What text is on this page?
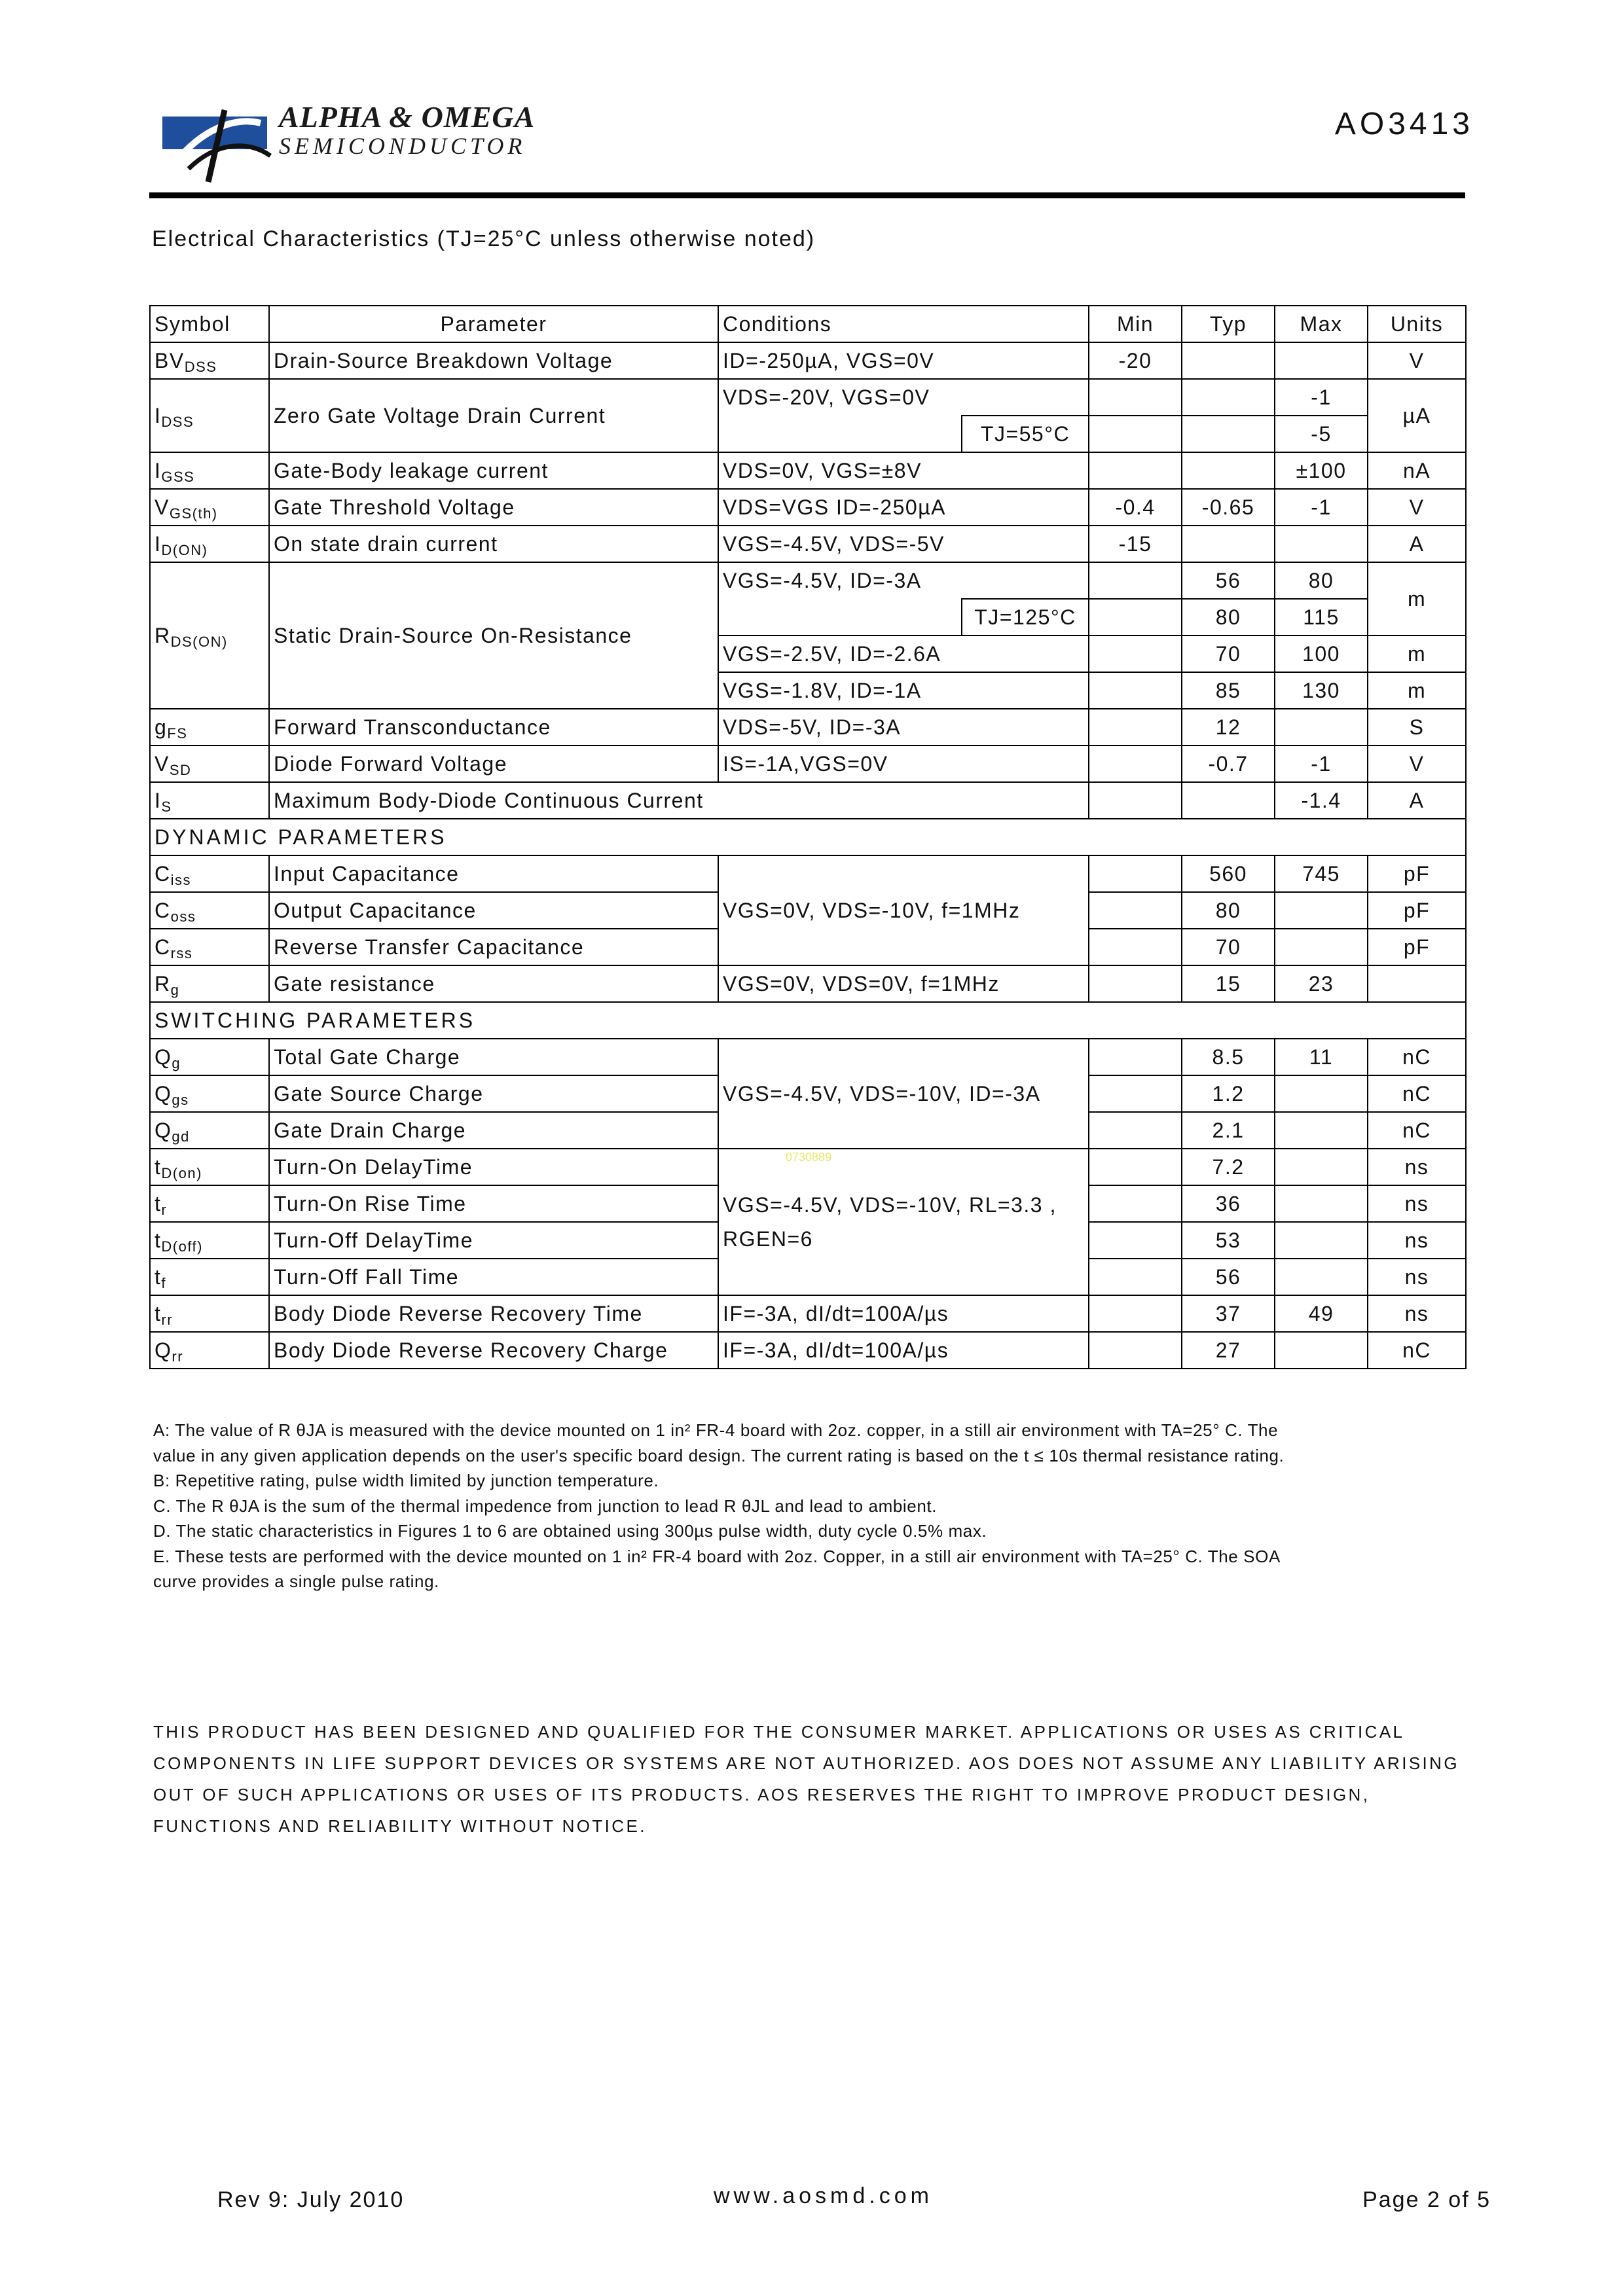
ALPHA & OMEGA
SEMICONDUCTOR
AO3413
Electrical Characteristics (TJ=25°C unless otherwise noted)
Symbol	Parameter	Conditions		Min	Typ	Max	Units
$BV_{DSS}$	Drain-Source Breakdown Voltage	ID=-250µA, VGS=0V		-20			V
$I_{DSS}$	Zero Gate Voltage Drain Current	VDS=-20V, VGS=0V				-1	µA
			TJ=55°C			-5	
$I_{GSS}$	Gate-Body leakage current	VDS=0V, VGS=±8V				±100	nA
$V_{GS(th)}$	Gate Threshold Voltage	VDS=VGS ID=-250µA		-0.4	-0.65	-1	V
$I_{D(ON)}$	On state drain current	VGS=-4.5V, VDS=-5V		-15			A
$R_{DS(ON)}$	Static Drain-Source On-Resistance	VGS=-4.5V, ID=-3A			56	80	m
			TJ=125°C		80	115	
		VGS=-2.5V, ID=-2.6A			70	100	m
		VGS=-1.8V, ID=-1A			85	130	m
$g_{FS}$	Forward Transconductance	VDS=-5V, ID=-3A			12		S
$V_{SD}$	Diode Forward Voltage	IS=-1A,VGS=0V			-0.7	-1	V
$I_S$	Maximum Body-Diode Continuous Current					-1.4	A
DYNAMIC PARAMETERS							
$C_{iss}$	Input Capacitance	VGS=0V, VDS=-10V, f=1MHz			560	745	pF
$C_{oss}$	Output Capacitance				80		pF
$C_{rss}$	Reverse Transfer Capacitance				70		pF
$R_g$	Gate resistance	VGS=0V, VDS=0V, f=1MHz			15	23	
SWITCHING PARAMETERS							
$Q_g$	Total Gate Charge	VGS=-4.5V, VDS=-10V, ID=-3A			8.5	11	nC
$Q_{gs}$	Gate Source Charge				1.2		nC
$Q_{gd}$	Gate Drain Charge				2.1		nC
$t_{D(on)}$	Turn-On DelayTime	VGS=-4.5V, VDS=-10V, RL=3.3 , RGEN=6			7.2		ns
$t_r$	Turn-On Rise Time				36		ns
$t_{D(off)}$	Turn-Off DelayTime				53		ns
$t_f$	Turn-Off Fall Time				56		ns
$t_{rr}$	Body Diode Reverse Recovery Time	IF=-3A, dI/dt=100A/µs			37	49	ns
$Q_{rr}$	Body Diode Reverse Recovery Charge	IF=-3A, dI/dt=100A/µs			27		nC
0730889

A: The value of R θJA is measured with the device mounted on 1 in² FR-4 board with 2oz. copper, in a still air environment with TA=25° C. The

value in any given application depends on the user's specific board design. The current rating is based on the t ≤ 10s thermal resistance rating.

B: Repetitive rating, pulse width limited by junction temperature.

C. The R θJA is the sum of the thermal impedence from junction to lead R θJL and lead to ambient.

D. The static characteristics in Figures 1 to 6 are obtained using 300µs pulse width, duty cycle 0.5% max.

E. These tests are performed with the device mounted on 1 in² FR-4 board with 2oz. Copper, in a still air environment with TA=25° C. The SOA

curve provides a single pulse rating.

THIS PRODUCT HAS BEEN DESIGNED AND QUALIFIED FOR THE CONSUMER MARKET. APPLICATIONS OR USES AS CRITICAL

COMPONENTS IN LIFE SUPPORT DEVICES OR SYSTEMS ARE NOT AUTHORIZED. AOS DOES NOT ASSUME ANY LIABILITY ARISING

OUT OF SUCH APPLICATIONS OR USES OF ITS PRODUCTS. AOS RESERVES THE RIGHT TO IMPROVE PRODUCT DESIGN,

FUNCTIONS AND RELIABILITY WITHOUT NOTICE.

Rev 9: July 2010	www.aosmd.com	Page 2 of 5
